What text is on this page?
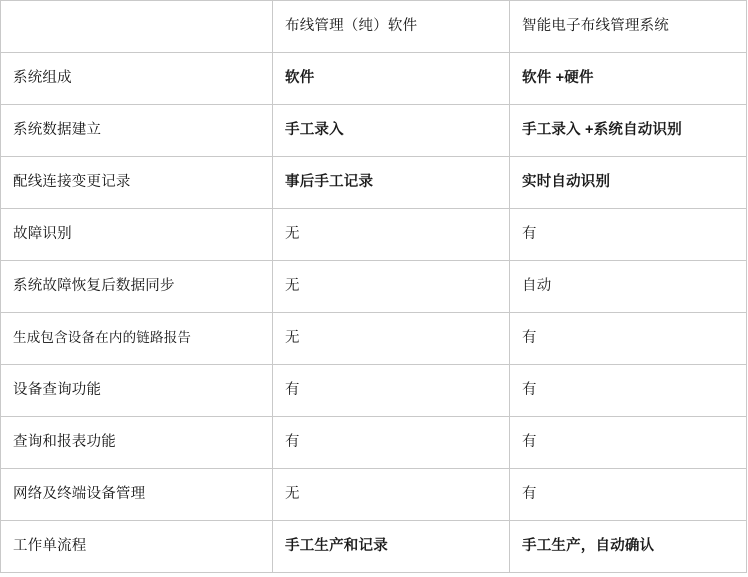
	布线管理（纯）软件	智能电子布线管理系统
系统组成	软件	软件 +硬件
系统数据建立	手工录入	手工录入 +系统自动识别
配线连接变更记录	事后手工记录	实时自动识别
故障识别	无	有
系统故障恢复后数据同步	无	自动
生成包含设备在内的链路报告	无	有
设备查询功能	有	有
查询和报表功能	有	有
网络及终端设备管理	无	有
工作单流程	手工生产和记录	手工生产，自动确认
